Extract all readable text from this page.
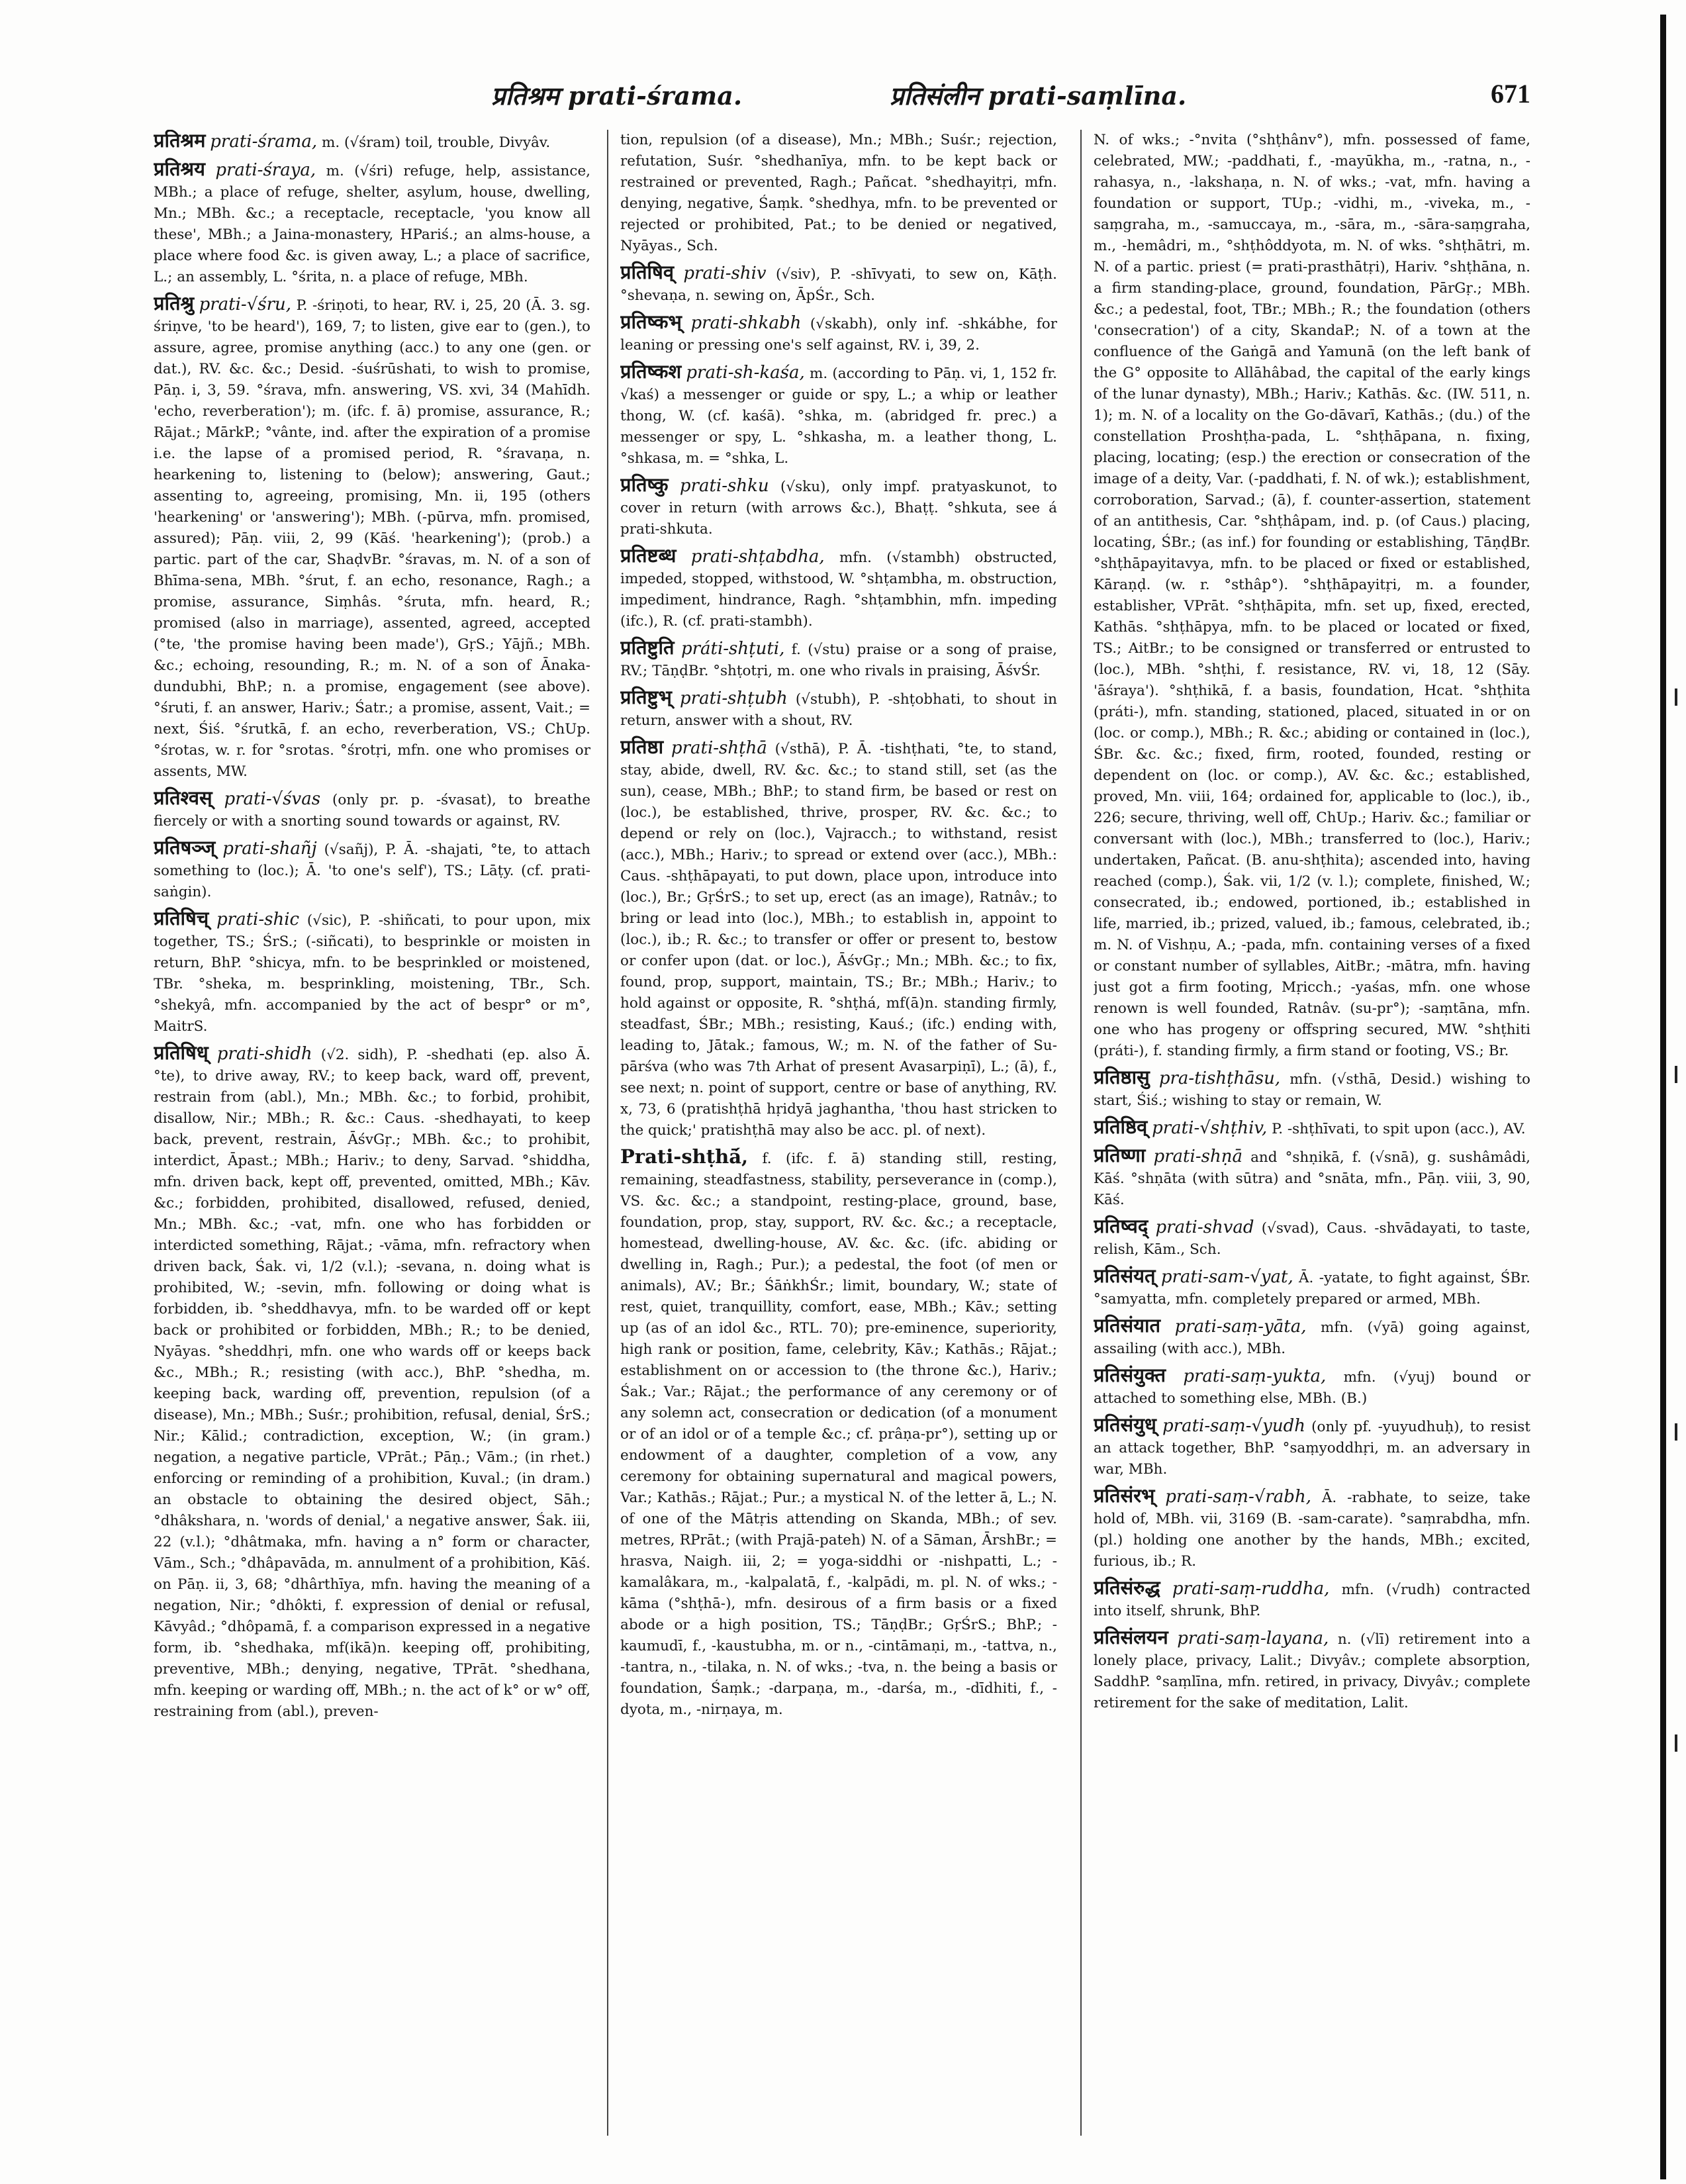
प्रतिश्रम prati-śrama.	प्रतिसंलीन prati-saṃlīna.	671

प्रतिश्रम prati-śrama, m. (√śram) toil, trouble, Divyâv.

प्रतिश्रय prati-śraya, m. (√śri) refuge, help, assistance, MBh.; a place of refuge, shelter, asylum, house, dwelling, Mn.; MBh. &c.; a receptacle, receptacle, 'you know all these', MBh.; a Jaina-monastery, HPariś.; an alms-house, a place where food &c. is given away, L.; a place of sacrifice, L.; an assembly, L. °śrita, n. a place of refuge, MBh.

प्रतिश्रु prati-√śru, P. -śriṇoti, to hear, RV. i, 25, 20 (Ā. 3. sg. śriṇve, 'to be heard'), 169, 7; to listen, give ear to (gen.), to assure, agree, promise anything (acc.) to any one (gen. or dat.), RV. &c. &c.; Desid. -śuśrūshati, to wish to promise, Pāṇ. i, 3, 59. °śrava, mfn. answering, VS. xvi, 34 (Mahīdh. 'echo, reverberation'); m. (ifc. f. ā) promise, assurance, R.; Rājat.; MārkP.; °vânte, ind. after the expiration of a promise i.e. the lapse of a promised period, R. °śravaṇa, n. hearkening to, listening to (below); answering, Gaut.; assenting to, agreeing, promising, Mn. ii, 195 (others 'hearkening' or 'answering'); MBh. (-pūrva, mfn. promised, assured); Pāṇ. viii, 2, 99 (Kāś. 'hearkening'); (prob.) a partic. part of the car, ShaḍvBr. °śravas, m. N. of a son of Bhīma-sena, MBh. °śrut, f. an echo, resonance, Ragh.; a promise, assurance, Siṃhâs. °śruta, mfn. heard, R.; promised (also in marriage), assented, agreed, accepted (°te, 'the promise having been made'), GṛS.; Yājñ.; MBh. &c.; echoing, resounding, R.; m. N. of a son of Ānaka-dundubhi, BhP.; n. a promise, engagement (see above). °śruti, f. an answer, Hariv.; Śatr.; a promise, assent, Vait.; = next, Śiś. °śrutkā, f. an echo, reverberation, VS.; ChUp. °śrotas, w. r. for °srotas. °śrotṛi, mfn. one who promises or assents, MW.

प्रतिश्वस् prati-√śvas (only pr. p. -śvasat), to breathe fiercely or with a snorting sound towards or against, RV.

प्रतिषञ्ज् prati-shañj (√sañj), P. Ā. -shajati, °te, to attach something to (loc.); Ā. 'to one's self'), TS.; Lāṭy. (cf. prati-saṅgin).

प्रतिषिच् prati-shic (√sic), P. -shiñcati, to pour upon, mix together, TS.; ŚrS.; (-siñcati), to besprinkle or moisten in return, BhP. °shicya, mfn. to be besprinkled or moistened, TBr. °sheka, m. besprinkling, moistening, TBr., Sch. °shekyâ, mfn. accompanied by the act of bespr° or m°, MaitrS.

प्रतिषिध् prati-shidh (√2. sidh), P. -shedhati (ep. also Ā. °te), to drive away, RV.; to keep back, ward off, prevent, restrain from (abl.), Mn.; MBh. &c.; to forbid, prohibit, disallow, Nir.; MBh.; R. &c.: Caus. -shedhayati, to keep back, prevent, restrain, ĀśvGṛ.; MBh. &c.; to prohibit, interdict, Āpast.; MBh.; Hariv.; to deny, Sarvad. °shiddha, mfn. driven back, kept off, prevented, omitted, MBh.; Kāv. &c.; forbidden, prohibited, disallowed, refused, denied, Mn.; MBh. &c.; -vat, mfn. one who has forbidden or interdicted something, Rājat.; -vāma, mfn. refractory when driven back, Śak. vi, 1/2 (v.l.); -sevana, n. doing what is prohibited, W.; -sevin, mfn. following or doing what is forbidden, ib. °sheddhavya, mfn. to be warded off or kept back or prohibited or forbidden, MBh.; R.; to be denied, Nyāyas. °sheddhṛi, mfn. one who wards off or keeps back &c., MBh.; R.; resisting (with acc.), BhP. °shedha, m. keeping back, warding off, prevention, repulsion (of a disease), Mn.; MBh.; Suśr.; prohibition, refusal, denial, ŚrS.; Nir.; Kālid.; contradiction, exception, W.; (in gram.) negation, a negative particle, VPrāt.; Pāṇ.; Vām.; (in rhet.) enforcing or reminding of a prohibition, Kuval.; (in dram.) an obstacle to obtaining the desired object, Sāh.; °dhâkshara, n. 'words of denial,' a negative answer, Śak. iii, 22 (v.l.); °dhâtmaka, mfn. having a n° form or character, Vām., Sch.; °dhâpavāda, m. annulment of a prohibition, Kāś. on Pāṇ. ii, 3, 68; °dhârthīya, mfn. having the meaning of a negation, Nir.; °dhôkti, f. expression of denial or refusal, Kāvyâd.; °dhôpamā, f. a comparison expressed in a negative form, ib. °shedhaka, mf(ikā)n. keeping off, prohibiting, preventive, MBh.; denying, negative, TPrāt. °shedhana, mfn. keeping or warding off, MBh.; n. the act of k° or w° off, restraining from (abl.), preven-

tion, repulsion (of a disease), Mn.; MBh.; Suśr.; rejection, refutation, Suśr. °shedhanīya, mfn. to be kept back or restrained or prevented, Ragh.; Pañcat. °shedhayitṛi, mfn. denying, negative, Śaṃk. °shedhya, mfn. to be prevented or rejected or prohibited, Pat.; to be denied or negatived, Nyāyas., Sch.

प्रतिषिव् prati-shiv (√siv), P. -shīvyati, to sew on, Kāṭh. °shevaṇa, n. sewing on, ĀpŚr., Sch.

प्रतिष्कभ् prati-shkabh (√skabh), only inf. -shkábhe, for leaning or pressing one's self against, RV. i, 39, 2.

प्रतिष्कश prati-sh-kaśa, m. (according to Pāṇ. vi, 1, 152 fr. √kaś) a messenger or guide or spy, L.; a whip or leather thong, W. (cf. kaśā). °shka, m. (abridged fr. prec.) a messenger or spy, L. °shkasha, m. a leather thong, L. °shkasa, m. = °shka, L.

प्रतिष्कु prati-shku (√sku), only impf. pratyaskunot, to cover in return (with arrows &c.), Bhaṭṭ. °shkuta, see á prati-shkuta.

प्रतिष्टब्ध prati-shṭabdha, mfn. (√stambh) obstructed, impeded, stopped, withstood, W. °shṭambha, m. obstruction, impediment, hindrance, Ragh. °shṭambhin, mfn. impeding (ifc.), R. (cf. prati-stambh).

प्रतिष्टुति práti-shṭuti, f. (√stu) praise or a song of praise, RV.; TāṇḍBr. °shṭotṛi, m. one who rivals in praising, ĀśvŚr.

प्रतिष्टुभ् prati-shṭubh (√stubh), P. -shṭobhati, to shout in return, answer with a shout, RV.

प्रतिष्ठा prati-shṭhā (√sthā), P. Ā. -tishṭhati, °te, to stand, stay, abide, dwell, RV. &c. &c.; to stand still, set (as the sun), cease, MBh.; BhP.; to stand firm, be based or rest on (loc.), be established, thrive, prosper, RV. &c. &c.; to depend or rely on (loc.), Vajracch.; to withstand, resist (acc.), MBh.; Hariv.; to spread or extend over (acc.), MBh.: Caus. -shṭhāpayati, to put down, place upon, introduce into (loc.), Br.; GṛŚrS.; to set up, erect (as an image), Ratnâv.; to bring or lead into (loc.), MBh.; to establish in, appoint to (loc.), ib.; R. &c.; to transfer or offer or present to, bestow or confer upon (dat. or loc.), ĀśvGṛ.; Mn.; MBh. &c.; to fix, found, prop, support, maintain, TS.; Br.; MBh.; Hariv.; to hold against or opposite, R. °shṭhá, mf(ā)n. standing firmly, steadfast, ŚBr.; MBh.; resisting, Kauś.; (ifc.) ending with, leading to, Jātak.; famous, W.; m. N. of the father of Su-pārśva (who was 7th Arhat of present Avasarpiṇī), L.; (ā), f., see next; n. point of support, centre or base of anything, RV. x, 73, 6 (pratishṭhā hṛidyā jaghantha, 'thou hast stricken to the quick;' pratishṭhā may also be acc. pl. of next).

Prati-shṭhā́, f. (ifc. f. ā) standing still, resting, remaining, steadfastness, stability, perseverance in (comp.), VS. &c. &c.; a standpoint, resting-place, ground, base, foundation, prop, stay, support, RV. &c. &c.; a receptacle, homestead, dwelling-house, AV. &c. &c. (ifc. abiding or dwelling in, Ragh.; Pur.); a pedestal, the foot (of men or animals), AV.; Br.; ŚāṅkhŚr.; limit, boundary, W.; state of rest, quiet, tranquillity, comfort, ease, MBh.; Kāv.; setting up (as of an idol &c., RTL. 70); pre-eminence, superiority, high rank or position, fame, celebrity, Kāv.; Kathās.; Rājat.; establishment on or accession to (the throne &c.), Hariv.; Śak.; Var.; Rājat.; the performance of any ceremony or of any solemn act, consecration or dedication (of a monument or of an idol or of a temple &c.; cf. prâṇa-pr°), setting up or endowment of a daughter, completion of a vow, any ceremony for obtaining supernatural and magical powers, Var.; Kathās.; Rājat.; Pur.; a mystical N. of the letter ā, L.; N. of one of the Mātṛis attending on Skanda, MBh.; of sev. metres, RPrāt.; (with Prajā-pateh) N. of a Sāman, ĀrshBr.; = hrasva, Naigh. iii, 2; = yoga-siddhi or -nishpatti, L.; -kamalâkara, m., -kalpalatā, f., -kalpādi, m. pl. N. of wks.; -kāma (°shṭhā-), mfn. desirous of a firm basis or a fixed abode or a high position, TS.; TāṇḍBr.; GṛŚrS.; BhP.; -kaumudī, f., -kaustubha, m. or n., -cintāmaṇi, m., -tattva, n., -tantra, n., -tilaka, n. N. of wks.; -tva, n. the being a basis or foundation, Śaṃk.; -darpaṇa, m., -darśa, m., -dīdhiti, f., -dyota, m., -nirṇaya, m.

N. of wks.; -°nvita (°shṭhânv°), mfn. possessed of fame, celebrated, MW.; -paddhati, f., -mayūkha, m., -ratna, n., -rahasya, n., -lakshaṇa, n. N. of wks.; -vat, mfn. having a foundation or support, TUp.; -vidhi, m., -viveka, m., -saṃgraha, m., -samuccaya, m., -sāra, m., -sāra-saṃgraha, m., -hemâdri, m., °shṭhôddyota, m. N. of wks. °shṭhātri, m. N. of a partic. priest (= prati-prasthātṛi), Hariv. °shṭhāna, n. a firm standing-place, ground, foundation, PārGṛ.; MBh. &c.; a pedestal, foot, TBr.; MBh.; R.; the foundation (others 'consecration') of a city, SkandaP.; N. of a town at the confluence of the Gaṅgā and Yamunā (on the left bank of the G° opposite to Allāhâbad, the capital of the early kings of the lunar dynasty), MBh.; Hariv.; Kathās. &c. (IW. 511, n. 1); m. N. of a locality on the Go-dāvarī, Kathās.; (du.) of the constellation Proshṭha-pada, L. °shṭhāpana, n. fixing, placing, locating; (esp.) the erection or consecration of the image of a deity, Var. (-paddhati, f. N. of wk.); establishment, corroboration, Sarvad.; (ā), f. counter-assertion, statement of an antithesis, Car. °shṭhâpam, ind. p. (of Caus.) placing, locating, ŚBr.; (as inf.) for founding or establishing, TāṇḍBr. °shṭhāpayitavya, mfn. to be placed or fixed or established, Kāraṇḍ. (w. r. °sthâp°). °shṭhāpayitṛi, m. a founder, establisher, VPrāt. °shṭhāpita, mfn. set up, fixed, erected, Kathās. °shṭhāpya, mfn. to be placed or located or fixed, TS.; AitBr.; to be consigned or transferred or entrusted to (loc.), MBh. °shṭhi, f. resistance, RV. vi, 18, 12 (Sāy. 'āśraya'). °shṭhikā, f. a basis, foundation, Hcat. °shṭhita (práti-), mfn. standing, stationed, placed, situated in or on (loc. or comp.), MBh.; R. &c.; abiding or contained in (loc.), ŚBr. &c. &c.; fixed, firm, rooted, founded, resting or dependent on (loc. or comp.), AV. &c. &c.; established, proved, Mn. viii, 164; ordained for, applicable to (loc.), ib., 226; secure, thriving, well off, ChUp.; Hariv. &c.; familiar or conversant with (loc.), MBh.; transferred to (loc.), Hariv.; undertaken, Pañcat. (B. anu-shṭhita); ascended into, having reached (comp.), Śak. vii, 1/2 (v. l.); complete, finished, W.; consecrated, ib.; endowed, portioned, ib.; established in life, married, ib.; prized, valued, ib.; famous, celebrated, ib.; m. N. of Vishṇu, A.; -pada, mfn. containing verses of a fixed or constant number of syllables, AitBr.; -mātra, mfn. having just got a firm footing, Mṛicch.; -yaśas, mfn. one whose renown is well founded, Ratnâv. (su-pr°); -saṃtāna, mfn. one who has progeny or offspring secured, MW. °shṭhiti (práti-), f. standing firmly, a firm stand or footing, VS.; Br.

प्रतिष्ठासु pra-tishṭhāsu, mfn. (√sthā, Desid.) wishing to start, Śiś.; wishing to stay or remain, W.

प्रतिष्ठिव् prati-√shṭhiv, P. -shṭhīvati, to spit upon (acc.), AV.

प्रतिष्णा prati-shṇā and °shṇikā, f. (√snā), g. sushâmâdi, Kāś. °shṇāta (with sūtra) and °snāta, mfn., Pāṇ. viii, 3, 90, Kāś.

प्रतिष्वद् prati-shvad (√svad), Caus. -shvādayati, to taste, relish, Kām., Sch.

प्रतिसंयत् prati-sam-√yat, Ā. -yatate, to fight against, ŚBr. °samyatta, mfn. completely prepared or armed, MBh.

प्रतिसंयात prati-saṃ-yāta, mfn. (√yā) going against, assailing (with acc.), MBh.

प्रतिसंयुक्त prati-saṃ-yukta, mfn. (√yuj) bound or attached to something else, MBh. (B.)

प्रतिसंयुध् prati-saṃ-√yudh (only pf. -yuyudhuḥ), to resist an attack together, BhP. °saṃyoddhṛi, m. an adversary in war, MBh.

प्रतिसंरभ् prati-saṃ-√rabh, Ā. -rabhate, to seize, take hold of, MBh. vii, 3169 (B. -sam-carate). °saṃrabdha, mfn. (pl.) holding one another by the hands, MBh.; excited, furious, ib.; R.

प्रतिसंरुद्ध prati-saṃ-ruddha, mfn. (√rudh) contracted into itself, shrunk, BhP.

प्रतिसंलयन prati-saṃ-layana, n. (√lī) retirement into a lonely place, privacy, Lalit.; Divyâv.; complete absorption, SaddhP. °saṃlīna, mfn. retired, in privacy, Divyâv.; complete retirement for the sake of meditation, Lalit.
